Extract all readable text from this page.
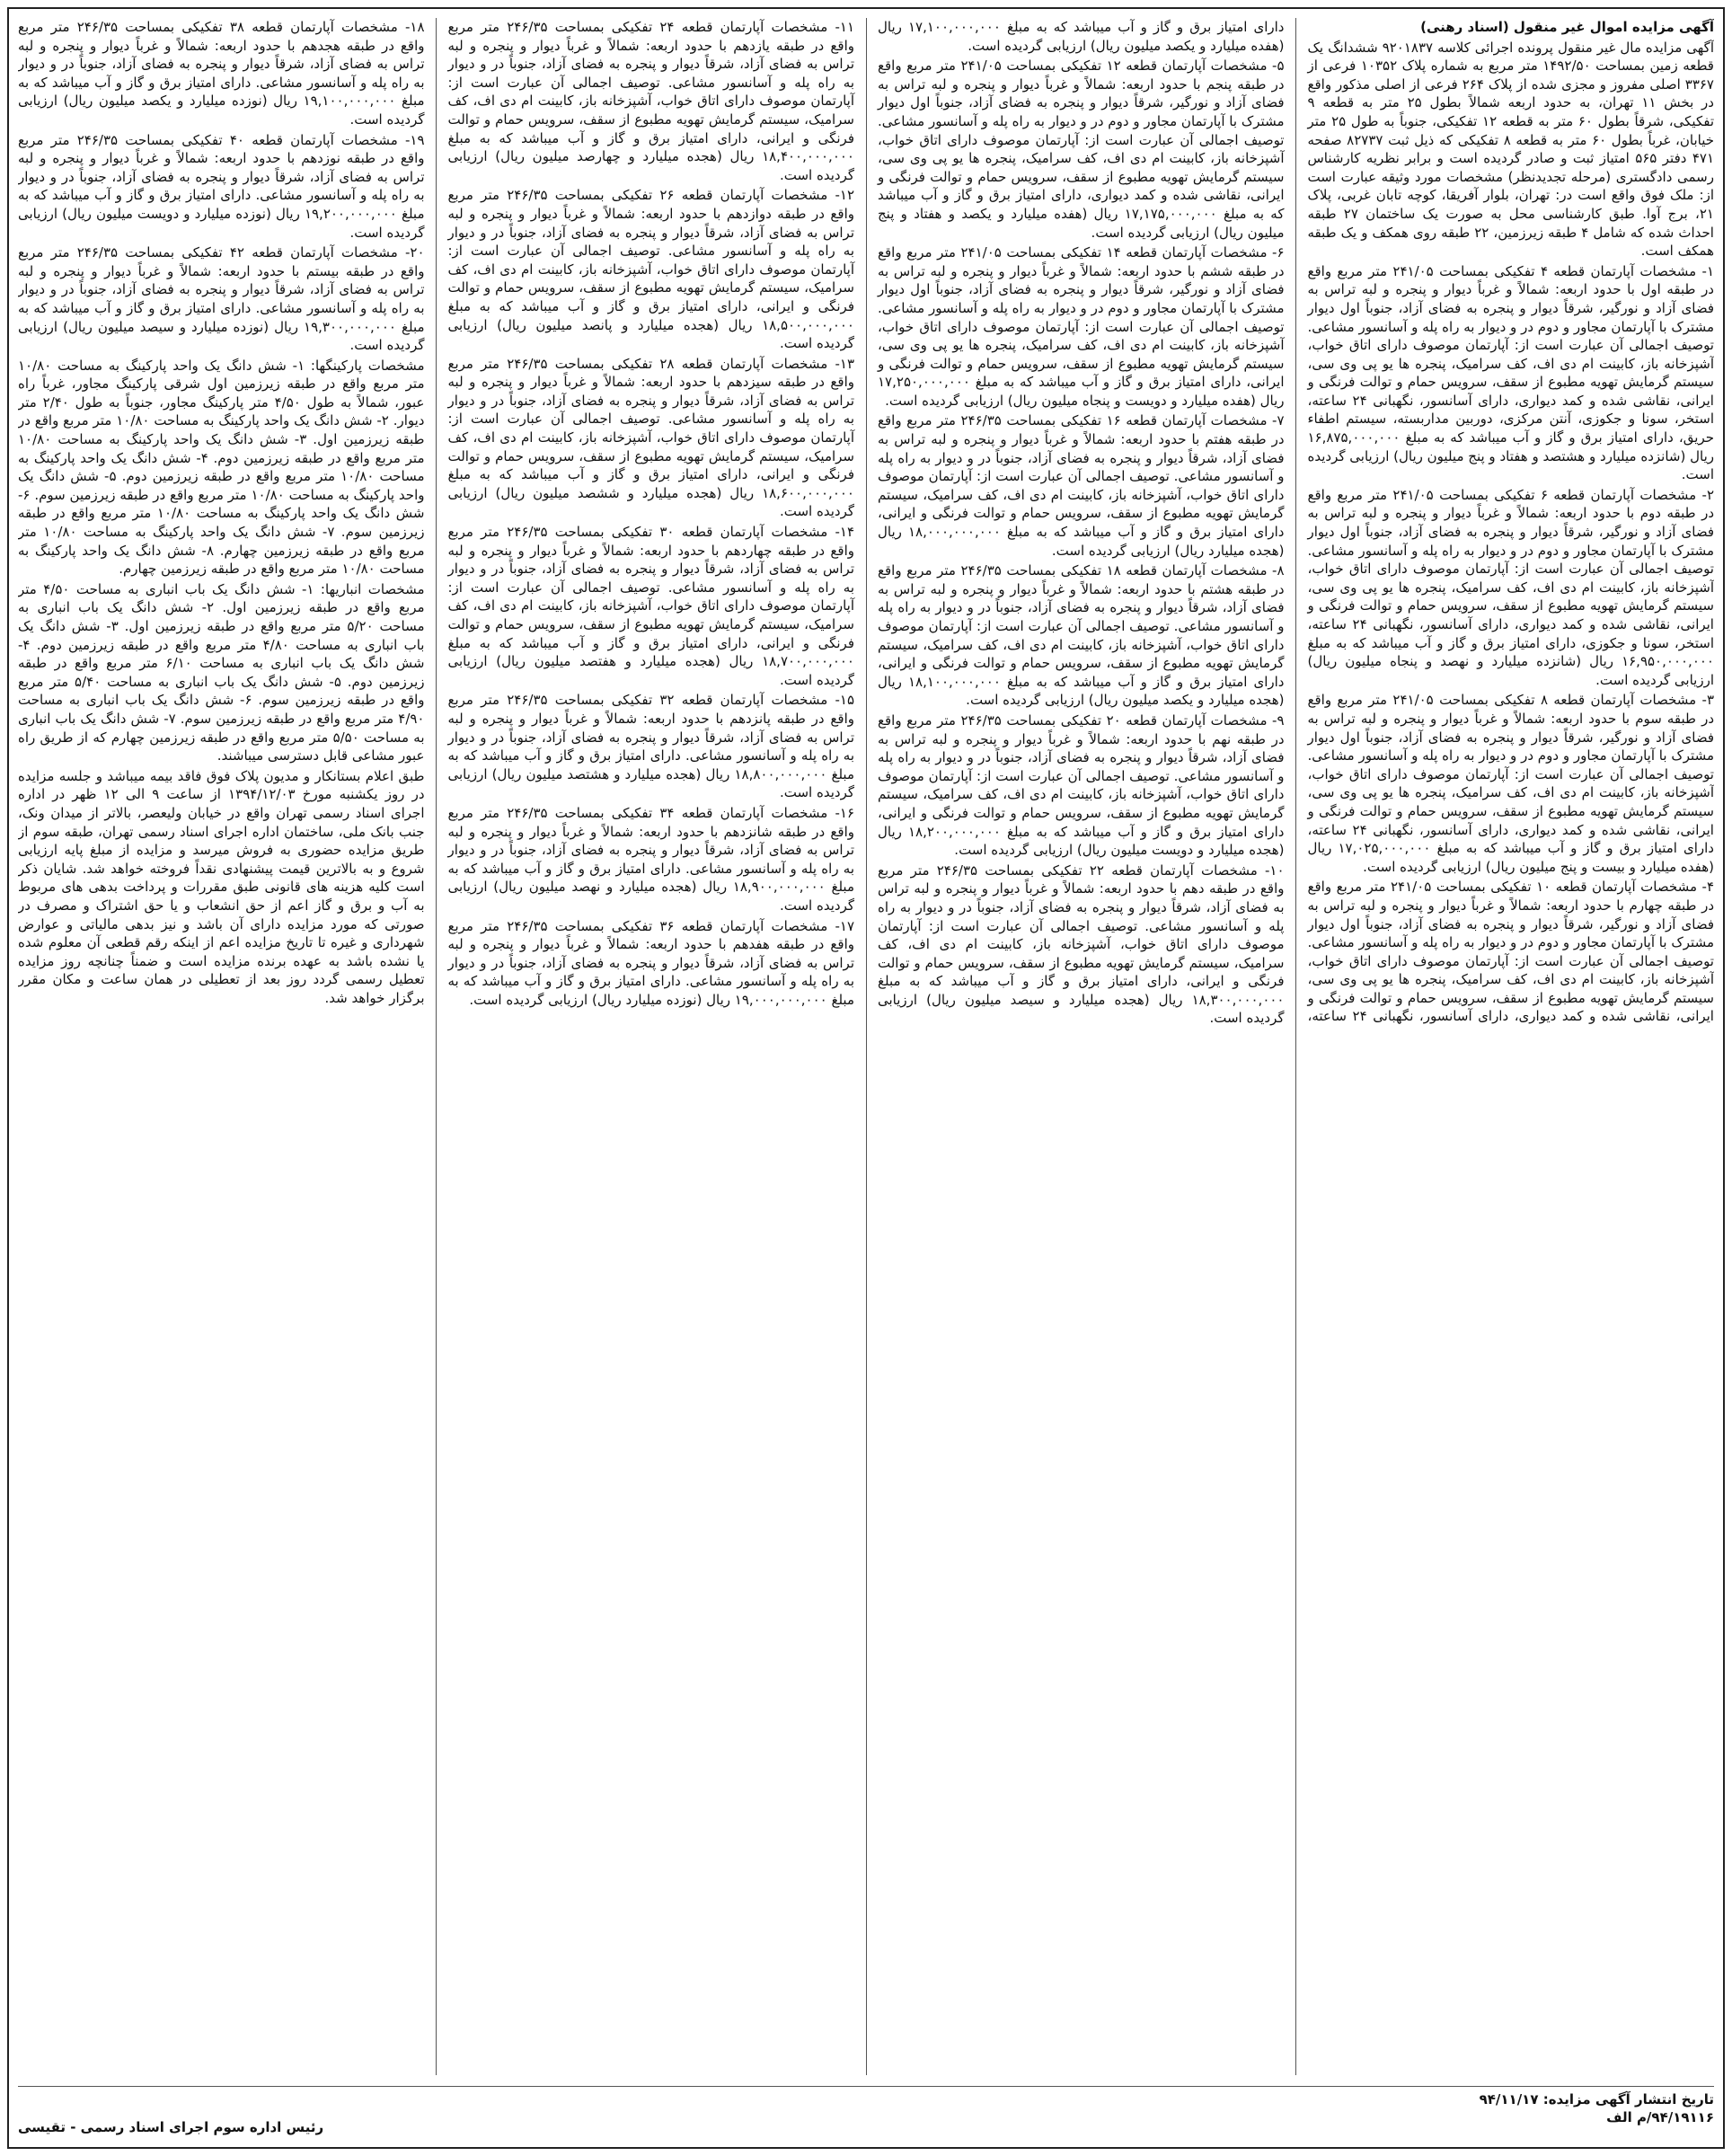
آگهی مزایده اموال غیر منقول (اسناد رهنی)

آگهی مزایده مال غیر منقول پرونده اجرائی کلاسه ۹۲۰۱۸۳۷ ششدانگ یک قطعه زمین بمساحت ۱۴۹۲/۵۰ متر مربع به شماره پلاک ۱۰۳۵۲ فرعی از ۳۳۶۷ اصلی مفروز و مجزی شده از پلاک ۲۶۴ فرعی از اصلی مذکور واقع در بخش ۱۱ تهران، به حدود اربعه شمالاً بطول ۲۵ متر به قطعه ۹ تفکیکی، شرقاً بطول ۶۰ متر به قطعه ۱۲ تفکیکی، جنوباً به طول ۲۵ متر خیابان، غرباً بطول ۶۰ متر به قطعه ۸ تفکیکی که ذیل ثبت ۸۲۷۳۷ صفحه ۴۷۱ دفتر ۵۶۵ امتیاز ثبت و صادر گردیده است و برابر نظریه کارشناس رسمی دادگستری (مرحله تجدیدنظر) مشخصات مورد وثیقه عبارت است از: ملک فوق واقع است در: تهران، بلوار آفریقا، کوچه تابان غربی، پلاک ۲۱، برج آوا. طبق کارشناسی محل به صورت یک ساختمان ۲۷ طبقه احداث شده که شامل ۴ طبقه زیرزمین، ۲۲ طبقه روی همکف و یک طبقه همکف است.

۱- مشخصات آپارتمان قطعه ۴ تفکیکی بمساحت ۲۴۱/۰۵ متر مربع واقع در طبقه اول با حدود اربعه: شمالاً و غرباً دیوار و پنجره و لبه تراس به فضای آزاد و نورگیر، شرقاً دیوار و پنجره به فضای آزاد، جنوباً اول دیوار مشترک با آپارتمان مجاور و دوم در و دیوار به راه پله و آسانسور مشاعی. توصیف اجمالی آن عبارت است از: آپارتمان موصوف دارای اتاق خواب، آشپزخانه باز، کابینت ام دی اف، کف سرامیک، پنجره ها یو پی وی سی، سیستم گرمایش تهویه مطبوع از سقف، سرویس حمام و توالت فرنگی و ایرانی، نقاشی شده و کمد دیواری، دارای آسانسور، نگهبانی ۲۴ ساعته، استخر، سونا و جکوزی، آنتن مرکزی، دوربین مداربسته، سیستم اطفاء حریق، دارای امتیاز برق و گاز و آب میباشد که به مبلغ ۱۶,۸۷۵,۰۰۰,۰۰۰ ریال (شانزده میلیارد و هشتصد و هفتاد و پنج میلیون ریال) ارزیابی گردیده است.

۲- مشخصات آپارتمان قطعه ۶ تفکیکی بمساحت ۲۴۱/۰۵ متر مربع واقع در طبقه دوم با حدود اربعه: شمالاً و غرباً دیوار و پنجره و لبه تراس به فضای آزاد و نورگیر، شرقاً دیوار و پنجره به فضای آزاد، جنوباً اول دیوار مشترک با آپارتمان مجاور و دوم در و دیوار به راه پله و آسانسور مشاعی. توصیف اجمالی آن عبارت است از: آپارتمان موصوف دارای اتاق خواب، آشپزخانه باز، کابینت ام دی اف، کف سرامیک، پنجره ها یو پی وی سی، سیستم گرمایش تهویه مطبوع از سقف، سرویس حمام و توالت فرنگی و ایرانی، نقاشی شده و کمد دیواری، دارای آسانسور، نگهبانی ۲۴ ساعته، استخر، سونا و جکوزی، دارای امتیاز برق و گاز و آب میباشد که به مبلغ ۱۶,۹۵۰,۰۰۰,۰۰۰ ریال (شانزده میلیارد و نهصد و پنجاه میلیون ریال) ارزیابی گردیده است.

۳- مشخصات آپارتمان قطعه ۸ تفکیکی بمساحت ۲۴۱/۰۵ متر مربع واقع در طبقه سوم با حدود اربعه: شمالاً و غرباً دیوار و پنجره و لبه تراس به فضای آزاد و نورگیر، شرقاً دیوار و پنجره به فضای آزاد، جنوباً اول دیوار مشترک با آپارتمان مجاور و دوم در و دیوار به راه پله و آسانسور مشاعی. توصیف اجمالی آن عبارت است از: آپارتمان موصوف دارای اتاق خواب، آشپزخانه باز، کابینت ام دی اف، کف سرامیک، پنجره ها یو پی وی سی، سیستم گرمایش تهویه مطبوع از سقف، سرویس حمام و توالت فرنگی و ایرانی، نقاشی شده و کمد دیواری، دارای آسانسور، نگهبانی ۲۴ ساعته، دارای امتیاز برق و گاز و آب میباشد که به مبلغ ۱۷,۰۲۵,۰۰۰,۰۰۰ ریال (هفده میلیارد و بیست و پنج میلیون ریال) ارزیابی گردیده است.

۴- مشخصات آپارتمان قطعه ۱۰ تفکیکی بمساحت ۲۴۱/۰۵ متر مربع واقع در طبقه چهارم با حدود اربعه: شمالاً و غرباً دیوار و پنجره و لبه تراس به فضای آزاد و نورگیر، شرقاً دیوار و پنجره به فضای آزاد، جنوباً اول دیوار مشترک با آپارتمان مجاور و دوم در و دیوار به راه پله و آسانسور مشاعی. توصیف اجمالی آن عبارت است از: آپارتمان موصوف دارای اتاق خواب، آشپزخانه باز، کابینت ام دی اف، کف سرامیک، پنجره ها یو پی وی سی، سیستم گرمایش تهویه مطبوع از سقف، سرویس حمام و توالت فرنگی و ایرانی، نقاشی شده و کمد دیواری، دارای آسانسور، نگهبانی ۲۴ ساعته، دارای امتیاز برق و گاز و آب میباشد که به مبلغ ۱۷,۱۰۰,۰۰۰,۰۰۰ ریال (هفده میلیارد و یکصد میلیون ریال) ارزیابی گردیده است.

۵- مشخصات آپارتمان قطعه ۱۲ تفکیکی بمساحت ۲۴۱/۰۵ متر مربع واقع در طبقه پنجم با حدود اربعه: شمالاً و غرباً دیوار و پنجره و لبه تراس به فضای آزاد و نورگیر، شرقاً دیوار و پنجره به فضای آزاد، جنوباً اول دیوار مشترک با آپارتمان مجاور و دوم در و دیوار به راه پله و آسانسور مشاعی. توصیف اجمالی آن عبارت است از: آپارتمان موصوف دارای اتاق خواب، آشپزخانه باز، کابینت ام دی اف، کف سرامیک، پنجره ها یو پی وی سی، سیستم گرمایش تهویه مطبوع از سقف، سرویس حمام و توالت فرنگی و ایرانی، نقاشی شده و کمد دیواری، دارای امتیاز برق و گاز و آب میباشد که به مبلغ ۱۷,۱۷۵,۰۰۰,۰۰۰ ریال (هفده میلیارد و یکصد و هفتاد و پنج میلیون ریال) ارزیابی گردیده است.

۶- مشخصات آپارتمان قطعه ۱۴ تفکیکی بمساحت ۲۴۱/۰۵ متر مربع واقع در طبقه ششم با حدود اربعه: شمالاً و غرباً دیوار و پنجره و لبه تراس به فضای آزاد و نورگیر، شرقاً دیوار و پنجره به فضای آزاد، جنوباً اول دیوار مشترک با آپارتمان مجاور و دوم در و دیوار به راه پله و آسانسور مشاعی. توصیف اجمالی آن عبارت است از: آپارتمان موصوف دارای اتاق خواب، آشپزخانه باز، کابینت ام دی اف، کف سرامیک، پنجره ها یو پی وی سی، سیستم گرمایش تهویه مطبوع از سقف، سرویس حمام و توالت فرنگی و ایرانی، دارای امتیاز برق و گاز و آب میباشد که به مبلغ ۱۷,۲۵۰,۰۰۰,۰۰۰ ریال (هفده میلیارد و دویست و پنجاه میلیون ریال) ارزیابی گردیده است.

۷- مشخصات آپارتمان قطعه ۱۶ تفکیکی بمساحت ۲۴۶/۳۵ متر مربع واقع در طبقه هفتم با حدود اربعه: شمالاً و غرباً دیوار و پنجره و لبه تراس به فضای آزاد، شرقاً دیوار و پنجره به فضای آزاد، جنوباً در و دیوار به راه پله و آسانسور مشاعی. توصیف اجمالی آن عبارت است از: آپارتمان موصوف دارای اتاق خواب، آشپزخانه باز، کابینت ام دی اف، کف سرامیک، سیستم گرمایش تهویه مطبوع از سقف، سرویس حمام و توالت فرنگی و ایرانی، دارای امتیاز برق و گاز و آب میباشد که به مبلغ ۱۸,۰۰۰,۰۰۰,۰۰۰ ریال (هجده میلیارد ریال) ارزیابی گردیده است.

۸- مشخصات آپارتمان قطعه ۱۸ تفکیکی بمساحت ۲۴۶/۳۵ متر مربع واقع در طبقه هشتم با حدود اربعه: شمالاً و غرباً دیوار و پنجره و لبه تراس به فضای آزاد، شرقاً دیوار و پنجره به فضای آزاد، جنوباً در و دیوار به راه پله و آسانسور مشاعی. توصیف اجمالی آن عبارت است از: آپارتمان موصوف دارای اتاق خواب، آشپزخانه باز، کابینت ام دی اف، کف سرامیک، سیستم گرمایش تهویه مطبوع از سقف، سرویس حمام و توالت فرنگی و ایرانی، دارای امتیاز برق و گاز و آب میباشد که به مبلغ ۱۸,۱۰۰,۰۰۰,۰۰۰ ریال (هجده میلیارد و یکصد میلیون ریال) ارزیابی گردیده است.

۹- مشخصات آپارتمان قطعه ۲۰ تفکیکی بمساحت ۲۴۶/۳۵ متر مربع واقع در طبقه نهم با حدود اربعه: شمالاً و غرباً دیوار و پنجره و لبه تراس به فضای آزاد، شرقاً دیوار و پنجره به فضای آزاد، جنوباً در و دیوار به راه پله و آسانسور مشاعی. توصیف اجمالی آن عبارت است از: آپارتمان موصوف دارای اتاق خواب، آشپزخانه باز، کابینت ام دی اف، کف سرامیک، سیستم گرمایش تهویه مطبوع از سقف، سرویس حمام و توالت فرنگی و ایرانی، دارای امتیاز برق و گاز و آب میباشد که به مبلغ ۱۸,۲۰۰,۰۰۰,۰۰۰ ریال (هجده میلیارد و دویست میلیون ریال) ارزیابی گردیده است.

۱۰- مشخصات آپارتمان قطعه ۲۲ تفکیکی بمساحت ۲۴۶/۳۵ متر مربع واقع در طبقه دهم با حدود اربعه: شمالاً و غرباً دیوار و پنجره و لبه تراس به فضای آزاد، شرقاً دیوار و پنجره به فضای آزاد، جنوباً در و دیوار به راه پله و آسانسور مشاعی. توصیف اجمالی آن عبارت است از: آپارتمان موصوف دارای اتاق خواب، آشپزخانه باز، کابینت ام دی اف، کف سرامیک، سیستم گرمایش تهویه مطبوع از سقف، سرویس حمام و توالت فرنگی و ایرانی، دارای امتیاز برق و گاز و آب میباشد که به مبلغ ۱۸,۳۰۰,۰۰۰,۰۰۰ ریال (هجده میلیارد و سیصد میلیون ریال) ارزیابی گردیده است.

۱۱- مشخصات آپارتمان قطعه ۲۴ تفکیکی بمساحت ۲۴۶/۳۵ متر مربع واقع در طبقه یازدهم با حدود اربعه: شمالاً و غرباً دیوار و پنجره و لبه تراس به فضای آزاد، شرقاً دیوار و پنجره به فضای آزاد، جنوباً در و دیوار به راه پله و آسانسور مشاعی. توصیف اجمالی آن عبارت است از: آپارتمان موصوف دارای اتاق خواب، آشپزخانه باز، کابینت ام دی اف، کف سرامیک، سیستم گرمایش تهویه مطبوع از سقف، سرویس حمام و توالت فرنگی و ایرانی، دارای امتیاز برق و گاز و آب میباشد که به مبلغ ۱۸,۴۰۰,۰۰۰,۰۰۰ ریال (هجده میلیارد و چهارصد میلیون ریال) ارزیابی گردیده است.

۱۲- مشخصات آپارتمان قطعه ۲۶ تفکیکی بمساحت ۲۴۶/۳۵ متر مربع واقع در طبقه دوازدهم با حدود اربعه: شمالاً و غرباً دیوار و پنجره و لبه تراس به فضای آزاد، شرقاً دیوار و پنجره به فضای آزاد، جنوباً در و دیوار به راه پله و آسانسور مشاعی. توصیف اجمالی آن عبارت است از: آپارتمان موصوف دارای اتاق خواب، آشپزخانه باز، کابینت ام دی اف، کف سرامیک، سیستم گرمایش تهویه مطبوع از سقف، سرویس حمام و توالت فرنگی و ایرانی، دارای امتیاز برق و گاز و آب میباشد که به مبلغ ۱۸,۵۰۰,۰۰۰,۰۰۰ ریال (هجده میلیارد و پانصد میلیون ریال) ارزیابی گردیده است.

۱۳- مشخصات آپارتمان قطعه ۲۸ تفکیکی بمساحت ۲۴۶/۳۵ متر مربع واقع در طبقه سیزدهم با حدود اربعه: شمالاً و غرباً دیوار و پنجره و لبه تراس به فضای آزاد، شرقاً دیوار و پنجره به فضای آزاد، جنوباً در و دیوار به راه پله و آسانسور مشاعی. توصیف اجمالی آن عبارت است از: آپارتمان موصوف دارای اتاق خواب، آشپزخانه باز، کابینت ام دی اف، کف سرامیک، سیستم گرمایش تهویه مطبوع از سقف، سرویس حمام و توالت فرنگی و ایرانی، دارای امتیاز برق و گاز و آب میباشد که به مبلغ ۱۸,۶۰۰,۰۰۰,۰۰۰ ریال (هجده میلیارد و ششصد میلیون ریال) ارزیابی گردیده است.

۱۴- مشخصات آپارتمان قطعه ۳۰ تفکیکی بمساحت ۲۴۶/۳۵ متر مربع واقع در طبقه چهاردهم با حدود اربعه: شمالاً و غرباً دیوار و پنجره و لبه تراس به فضای آزاد، شرقاً دیوار و پنجره به فضای آزاد، جنوباً در و دیوار به راه پله و آسانسور مشاعی. توصیف اجمالی آن عبارت است از: آپارتمان موصوف دارای اتاق خواب، آشپزخانه باز، کابینت ام دی اف، کف سرامیک، سیستم گرمایش تهویه مطبوع از سقف، سرویس حمام و توالت فرنگی و ایرانی، دارای امتیاز برق و گاز و آب میباشد که به مبلغ ۱۸,۷۰۰,۰۰۰,۰۰۰ ریال (هجده میلیارد و هفتصد میلیون ریال) ارزیابی گردیده است.

۱۵- مشخصات آپارتمان قطعه ۳۲ تفکیکی بمساحت ۲۴۶/۳۵ متر مربع واقع در طبقه پانزدهم با حدود اربعه: شمالاً و غرباً دیوار و پنجره و لبه تراس به فضای آزاد، شرقاً دیوار و پنجره به فضای آزاد، جنوباً در و دیوار به راه پله و آسانسور مشاعی. دارای امتیاز برق و گاز و آب میباشد که به مبلغ ۱۸,۸۰۰,۰۰۰,۰۰۰ ریال (هجده میلیارد و هشتصد میلیون ریال) ارزیابی گردیده است.

۱۶- مشخصات آپارتمان قطعه ۳۴ تفکیکی بمساحت ۲۴۶/۳۵ متر مربع واقع در طبقه شانزدهم با حدود اربعه: شمالاً و غرباً دیوار و پنجره و لبه تراس به فضای آزاد، شرقاً دیوار و پنجره به فضای آزاد، جنوباً در و دیوار به راه پله و آسانسور مشاعی. دارای امتیاز برق و گاز و آب میباشد که به مبلغ ۱۸,۹۰۰,۰۰۰,۰۰۰ ریال (هجده میلیارد و نهصد میلیون ریال) ارزیابی گردیده است.

۱۷- مشخصات آپارتمان قطعه ۳۶ تفکیکی بمساحت ۲۴۶/۳۵ متر مربع واقع در طبقه هفدهم با حدود اربعه: شمالاً و غرباً دیوار و پنجره و لبه تراس به فضای آزاد، شرقاً دیوار و پنجره به فضای آزاد، جنوباً در و دیوار به راه پله و آسانسور مشاعی. دارای امتیاز برق و گاز و آب میباشد که به مبلغ ۱۹,۰۰۰,۰۰۰,۰۰۰ ریال (نوزده میلیارد ریال) ارزیابی گردیده است.

۱۸- مشخصات آپارتمان قطعه ۳۸ تفکیکی بمساحت ۲۴۶/۳۵ متر مربع واقع در طبقه هجدهم با حدود اربعه: شمالاً و غرباً دیوار و پنجره و لبه تراس به فضای آزاد، شرقاً دیوار و پنجره به فضای آزاد، جنوباً در و دیوار به راه پله و آسانسور مشاعی. دارای امتیاز برق و گاز و آب میباشد که به مبلغ ۱۹,۱۰۰,۰۰۰,۰۰۰ ریال (نوزده میلیارد و یکصد میلیون ریال) ارزیابی گردیده است.

۱۹- مشخصات آپارتمان قطعه ۴۰ تفکیکی بمساحت ۲۴۶/۳۵ متر مربع واقع در طبقه نوزدهم با حدود اربعه: شمالاً و غرباً دیوار و پنجره و لبه تراس به فضای آزاد، شرقاً دیوار و پنجره به فضای آزاد، جنوباً در و دیوار به راه پله و آسانسور مشاعی. دارای امتیاز برق و گاز و آب میباشد که به مبلغ ۱۹,۲۰۰,۰۰۰,۰۰۰ ریال (نوزده میلیارد و دویست میلیون ریال) ارزیابی گردیده است.

۲۰- مشخصات آپارتمان قطعه ۴۲ تفکیکی بمساحت ۲۴۶/۳۵ متر مربع واقع در طبقه بیستم با حدود اربعه: شمالاً و غرباً دیوار و پنجره و لبه تراس به فضای آزاد، شرقاً دیوار و پنجره به فضای آزاد، جنوباً در و دیوار به راه پله و آسانسور مشاعی. دارای امتیاز برق و گاز و آب میباشد که به مبلغ ۱۹,۳۰۰,۰۰۰,۰۰۰ ریال (نوزده میلیارد و سیصد میلیون ریال) ارزیابی گردیده است.

مشخصات پارکینگها: ۱- شش دانگ یک واحد پارکینگ به مساحت ۱۰/۸۰ متر مربع واقع در طبقه زیرزمین اول شرقی پارکینگ مجاور، غرباً راه عبور، شمالاً به طول ۴/۵۰ متر پارکینگ مجاور، جنوباً به طول ۲/۴۰ متر دیوار. ۲- شش دانگ یک واحد پارکینگ به مساحت ۱۰/۸۰ متر مربع واقع در طبقه زیرزمین اول. ۳- شش دانگ یک واحد پارکینگ به مساحت ۱۰/۸۰ متر مربع واقع در طبقه زیرزمین دوم. ۴- شش دانگ یک واحد پارکینگ به مساحت ۱۰/۸۰ متر مربع واقع در طبقه زیرزمین دوم. ۵- شش دانگ یک واحد پارکینگ به مساحت ۱۰/۸۰ متر مربع واقع در طبقه زیرزمین سوم. ۶- شش دانگ یک واحد پارکینگ به مساحت ۱۰/۸۰ متر مربع واقع در طبقه زیرزمین سوم. ۷- شش دانگ یک واحد پارکینگ به مساحت ۱۰/۸۰ متر مربع واقع در طبقه زیرزمین چهارم. ۸- شش دانگ یک واحد پارکینگ به مساحت ۱۰/۸۰ متر مربع واقع در طبقه زیرزمین چهارم.

مشخصات انباریها: ۱- شش دانگ یک باب انباری به مساحت ۴/۵۰ متر مربع واقع در طبقه زیرزمین اول. ۲- شش دانگ یک باب انباری به مساحت ۵/۲۰ متر مربع واقع در طبقه زیرزمین اول. ۳- شش دانگ یک باب انباری به مساحت ۴/۸۰ متر مربع واقع در طبقه زیرزمین دوم. ۴- شش دانگ یک باب انباری به مساحت ۶/۱۰ متر مربع واقع در طبقه زیرزمین دوم. ۵- شش دانگ یک باب انباری به مساحت ۵/۴۰ متر مربع واقع در طبقه زیرزمین سوم. ۶- شش دانگ یک باب انباری به مساحت ۴/۹۰ متر مربع واقع در طبقه زیرزمین سوم. ۷- شش دانگ یک باب انباری به مساحت ۵/۵۰ متر مربع واقع در طبقه زیرزمین چهارم که از طریق راه عبور مشاعی قابل دسترسی میباشند.

طبق اعلام بستانکار و مدیون پلاک فوق فاقد بیمه میباشد و جلسه مزایده در روز یکشنبه مورخ ۱۳۹۴/۱۲/۰۳ از ساعت ۹ الی ۱۲ ظهر در اداره اجرای اسناد رسمی تهران واقع در خیابان ولیعصر، بالاتر از میدان ونک، جنب بانک ملی، ساختمان اداره اجرای اسناد رسمی تهران، طبقه سوم از طریق مزایده حضوری به فروش میرسد و مزایده از مبلغ پایه ارزیابی شروع و به بالاترین قیمت پیشنهادی نقداً فروخته خواهد شد. شایان ذکر است کلیه هزینه های قانونی طبق مقررات و پرداخت بدهی های مربوط به آب و برق و گاز اعم از حق انشعاب و یا حق اشتراک و مصرف در صورتی که مورد مزایده دارای آن باشد و نیز بدهی مالیاتی و عوارض شهرداری و غیره تا تاریخ مزایده اعم از اینکه رقم قطعی آن معلوم شده یا نشده باشد به عهده برنده مزایده است و ضمناً چنانچه روز مزایده تعطیل رسمی گردد روز بعد از تعطیلی در همان ساعت و مکان مقرر برگزار خواهد شد.

تاریخ انتشار آگهی مزایده: ۹۴/۱۱/۱۷
۹۴/۱۹۱۱۶/م الف
رئیس اداره سوم اجرای اسناد رسمی - تقیسی
